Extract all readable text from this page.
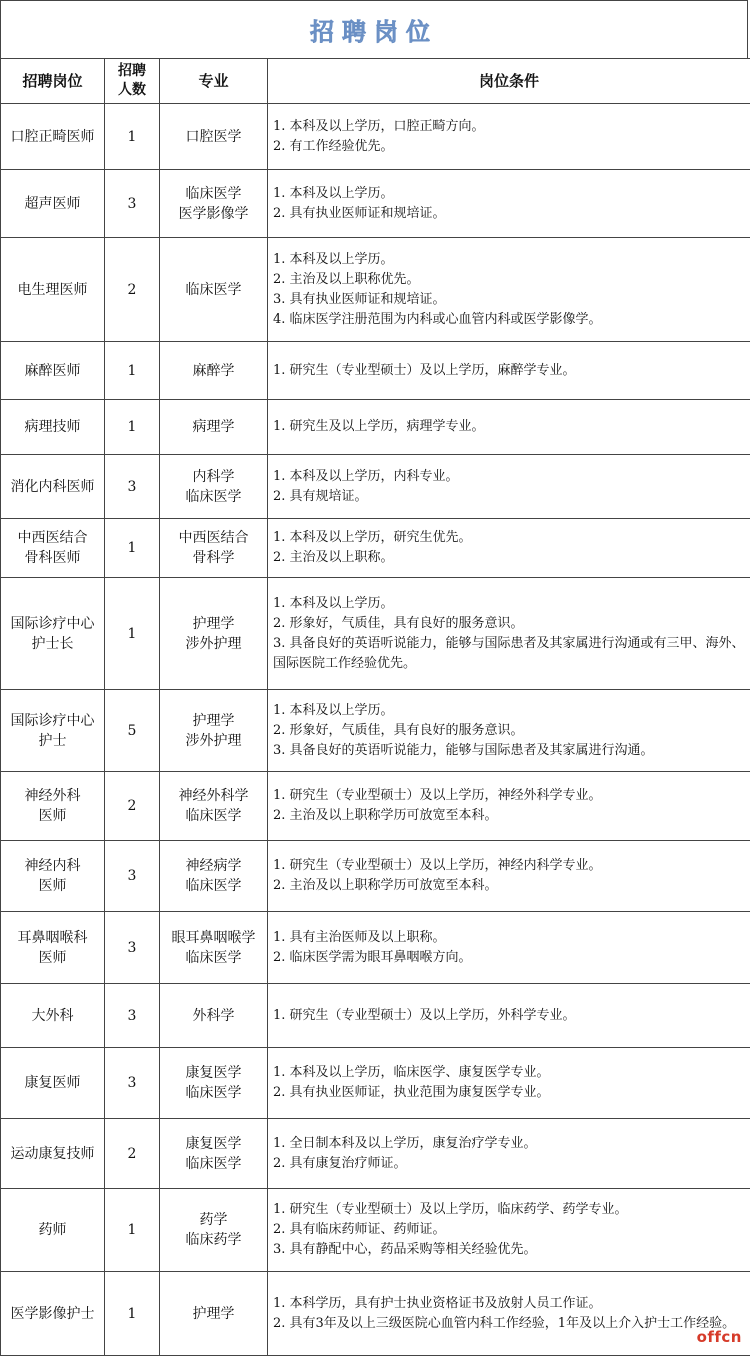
招聘岗位
招聘岗位	招聘人数	专业	岗位条件

口腔正畸医师	1	口腔医学	1. 本科及以上学历，口腔正畸方向。
2. 有工作经验优先。

超声医师	3	临床医学
医学影像学	1. 本科及以上学历。
2. 具有执业医师证和规培证。

电生理医师	2	临床医学	1. 本科及以上学历。
2. 主治及以上职称优先。
3. 具有执业医师证和规培证。
4. 临床医学注册范围为内科或心血管内科或医学影像学。

麻醉医师	1	麻醉学	1. 研究生（专业型硕士）及以上学历，麻醉学专业。

病理技师	1	病理学	1. 研究生及以上学历，病理学专业。

消化内科医师	3	内科学
临床医学	1. 本科及以上学历，内科专业。
2. 具有规培证。

中西医结合
骨科医师	1	中西医结合
骨科学	1. 本科及以上学历，研究生优先。
2. 主治及以上职称。

国际诊疗中心
护士长	1	护理学
涉外护理	1. 本科及以上学历。
2. 形象好，气质佳，具有良好的服务意识。
3. 具备良好的英语听说能力，能够与国际患者及其家属进行沟通或有三甲、海外、国际医院工作经验优先。

国际诊疗中心
护士	5	护理学
涉外护理	1. 本科及以上学历。
2. 形象好，气质佳，具有良好的服务意识。
3. 具备良好的英语听说能力，能够与国际患者及其家属进行沟通。

神经外科
医师	2	神经外科学
临床医学	1. 研究生（专业型硕士）及以上学历，神经外科学专业。
2. 主治及以上职称学历可放宽至本科。

神经内科
医师	3	神经病学
临床医学	1. 研究生（专业型硕士）及以上学历，神经内科学专业。
2. 主治及以上职称学历可放宽至本科。

耳鼻咽喉科
医师	3	眼耳鼻咽喉学
临床医学	1. 具有主治医师及以上职称。
2. 临床医学需为眼耳鼻咽喉方向。

大外科	3	外科学	1. 研究生（专业型硕士）及以上学历，外科学专业。

康复医师	3	康复医学
临床医学	1. 本科及以上学历，临床医学、康复医学专业。
2. 具有执业医师证，执业范围为康复医学专业。

运动康复技师	2	康复医学
临床医学	1. 全日制本科及以上学历，康复治疗学专业。
2. 具有康复治疗师证。

药师	1	药学
临床药学	1. 研究生（专业型硕士）及以上学历，临床药学、药学专业。
2. 具有临床药师证、药师证。
3. 具有静配中心，药品采购等相关经验优先。

医学影像护士	1	护理学	1. 本科学历，具有护士执业资格证书及放射人员工作证。
2. 具有3年及以上三级医院心血管内科工作经验，1年及以上介入护士工作经验。
offcn
